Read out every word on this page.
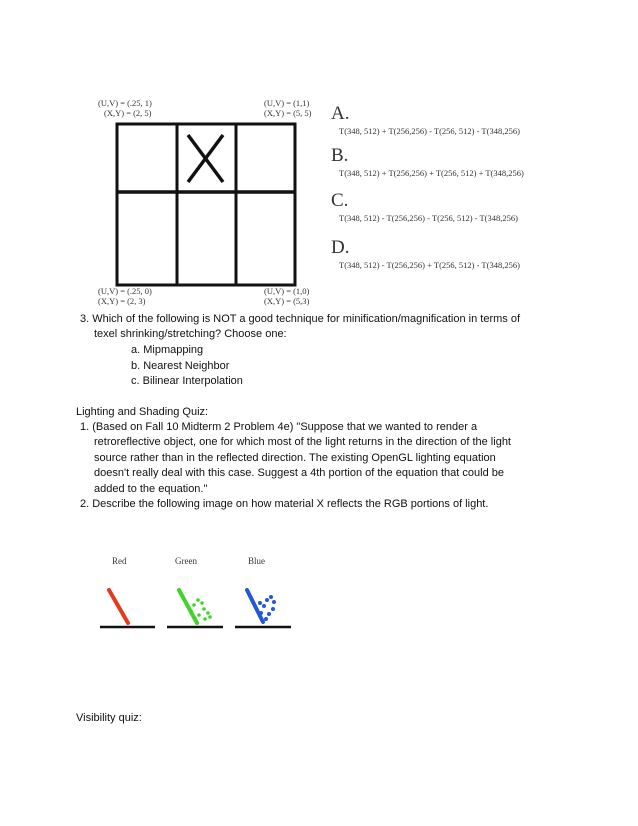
(U,V) = (.25, 1)
(X,Y) = (2, 5)
(U,V) = (1,1)
(X,Y) = (5, 5)
(U,V) = (.25, 0)
(X,Y) = (2, 3)
(U,V) = (1,0)
(X,Y) = (5,3)
A.
T(348, 512) + T(256,256) - T(256, 512) - T(348,256)
B.
T(348, 512) + T(256,256) + T(256, 512) + T(348,256)
C.
T(348, 512) - T(256,256) - T(256, 512) - T(348,256)
D.
T(348, 512) - T(256,256) + T(256, 512) - T(348,256)
3. Which of the following is NOT a good technique for minification/magnification in terms of
texel shrinking/stretching? Choose one:
a. Mipmapping
b. Nearest Neighbor
c. Bilinear Interpolation
Lighting and Shading Quiz:
1. (Based on Fall 10 Midterm 2 Problem 4e) "Suppose that we wanted to render a
retroreflective object, one for which most of the light returns in the direction of the light
source rather than in the reflected direction. The existing OpenGL lighting equation
doesn't really deal with this case. Suggest a 4th portion of the equation that could be
added to the equation."
2. Describe the following image on how material X reflects the RGB portions of light.
Red	Green	Blue
Visibility quiz:
